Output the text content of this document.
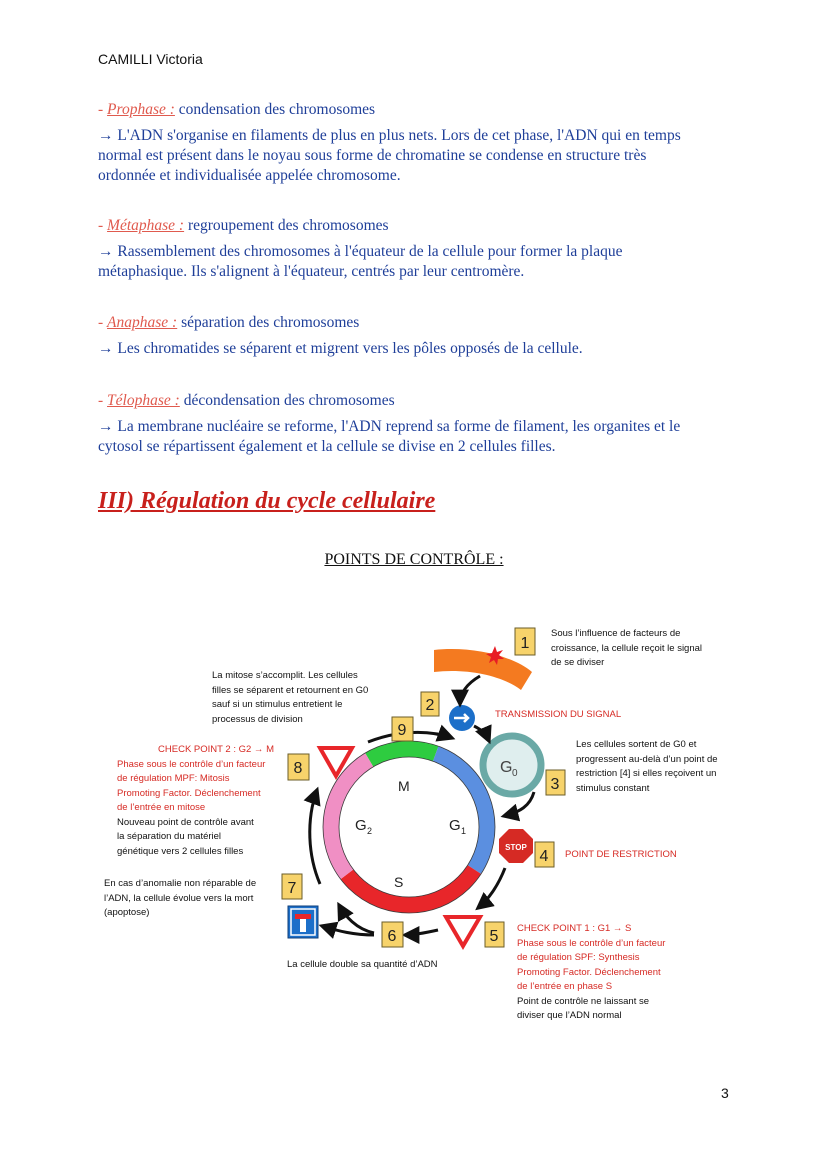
CAMILLI Victoria
- Prophase : condensation des chromosomes
→ L'ADN s'organise en filaments de plus en plus nets. Lors de cet phase, l'ADN qui en temps
normal est présent dans le noyau sous forme de chromatine se condense en structure très
ordonnée et individualisée appelée chromosome.
- Métaphase : regroupement des chromosomes
→ Rassemblement des chromosomes à l'équateur de la cellule pour former la plaque
métaphasique. Ils s'alignent à l'équateur, centrés par leur centromère.
- Anaphase : séparation des chromosomes
→ Les chromatides se séparent et migrent vers les pôles opposés de la cellule.
- Télophase : décondensation des chromosomes
→ La membrane nucléaire se reforme, l'ADN reprend sa forme de filament, les organites et le
cytosol se répartissent également et la cellule se divise en 2 cellules filles.
III) Régulation du cycle cellulaire
POINTS DE CONTRÔLE :
M
G 1
G 2
S
G 0
STOP
1
2
3
4
5
6
7
8
9
Sous l’influence de facteurs de
croissance, la cellule reçoit le signal
de se diviser
TRANSMISSION DU SIGNAL
Les cellules sortent de G0 et
progressent au-delà d’un point de
restriction [4] si elles reçoivent un
stimulus constant
POINT DE RESTRICTION
CHECK POINT 1 : G1 → S
Phase sous le contrôle d’un facteur
de régulation SPF: Synthesis
Promoting Factor. Déclenchement
de l’entrée en phase S
Point de contrôle ne laissant se
diviser que l’ADN normal
La cellule double sa quantité d’ADN
En cas d’anomalie non réparable de
l’ADN, la cellule évolue vers la mort
(apoptose)
CHECK POINT 2 : G2 → M
Phase sous le contrôle d’un facteur
de régulation MPF: Mitosis
Promoting Factor. Déclenchement
de l’entrée en mitose
Nouveau point de contrôle avant
la séparation du matériel
génétique vers 2 cellules filles
La mitose s’accomplit. Les cellules
filles se séparent et retournent en G0
sauf si un stimulus entretient le
processus de division
3
